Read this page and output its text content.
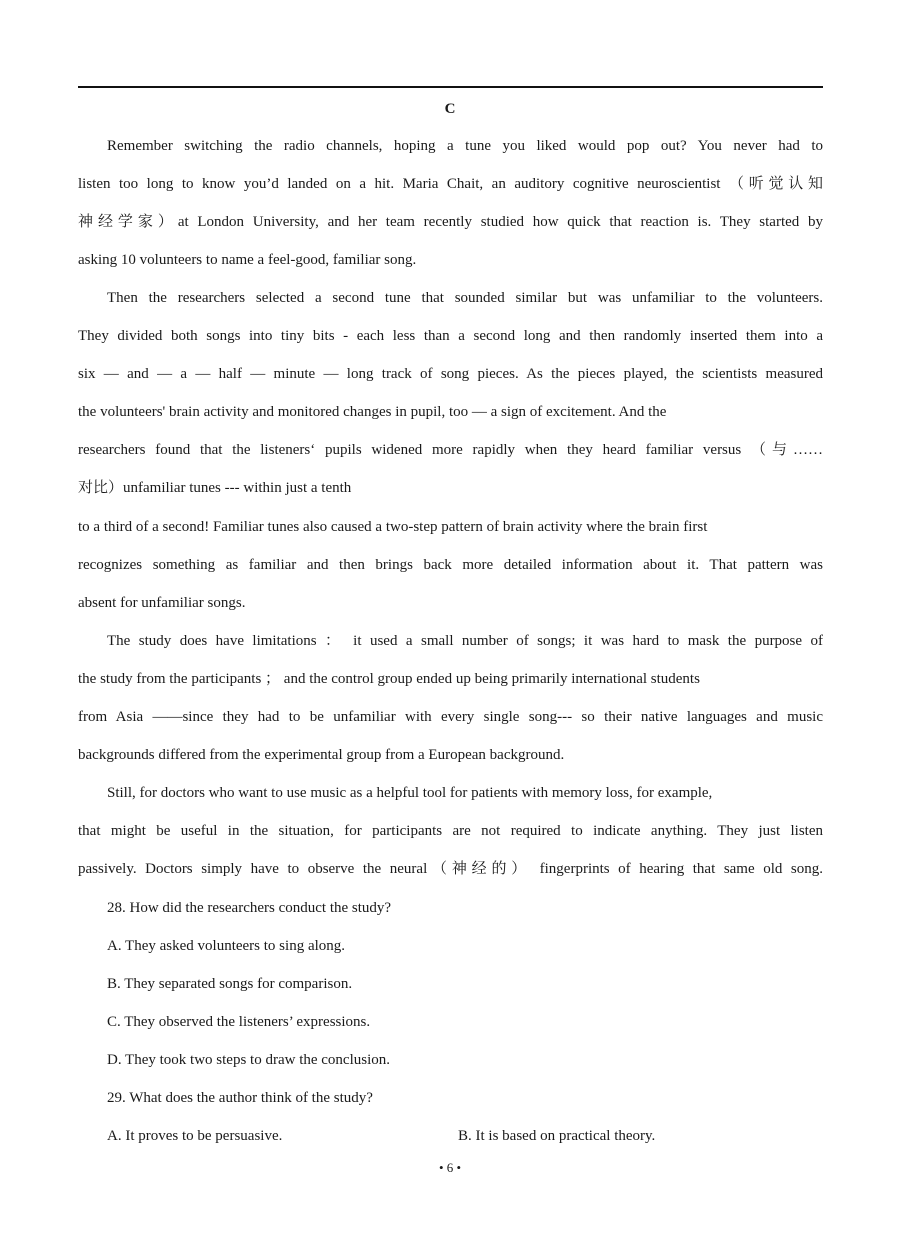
C
Remember switching the radio channels, hoping a tune you liked would pop out? You never had to
listen too long to know you’d landed on a hit. Maria Chait, an auditory cognitive neuroscientist （听觉认知
神经学家）at London University, and her team recently studied how quick that reaction is. They started by
asking 10 volunteers to name a feel-good, familiar song.
Then the researchers selected a second tune that sounded similar but was unfamiliar to the volunteers.
They divided both songs into tiny bits - each less than a second long and then randomly inserted them into a
six — and — a — half — minute — long track of song pieces. As the pieces played, the scientists measured
the volunteers' brain activity and monitored changes in pupil, too — a sign of excitement. And the
researchers found that the listeners‘ pupils widened more rapidly when they heard familiar versus （与……
对比）unfamiliar tunes --- within just a tenth
to a third of a second! Familiar tunes also caused a two-step pattern of brain activity where the brain first
recognizes something as familiar and then brings back more detailed information about it. That pattern was
absent for unfamiliar songs.
The study does have limitations ： it used a small number of songs; it was hard to mask the purpose of
the study from the participants ； and the control group ended up being primarily international students
from Asia ——since they had to be unfamiliar with every single song--- so their native languages and music
backgrounds differed from the experimental group from a European background.
Still, for doctors who want to use music as a helpful tool for patients with memory loss, for example,
that might be useful in the situation, for participants are not required to indicate anything. They just listen
passively. Doctors simply have to observe the neural（神经的） fingerprints of hearing that same old song.
28. How did the researchers conduct the study?
A. They asked volunteers to sing along.
B. They separated songs for comparison.
C. They observed the listeners’ expressions.
D. They took two steps to draw the conclusion.
29. What does the author think of the study?
A. It proves to be persuasive.	B. It is based on practical theory.
• 6 •
